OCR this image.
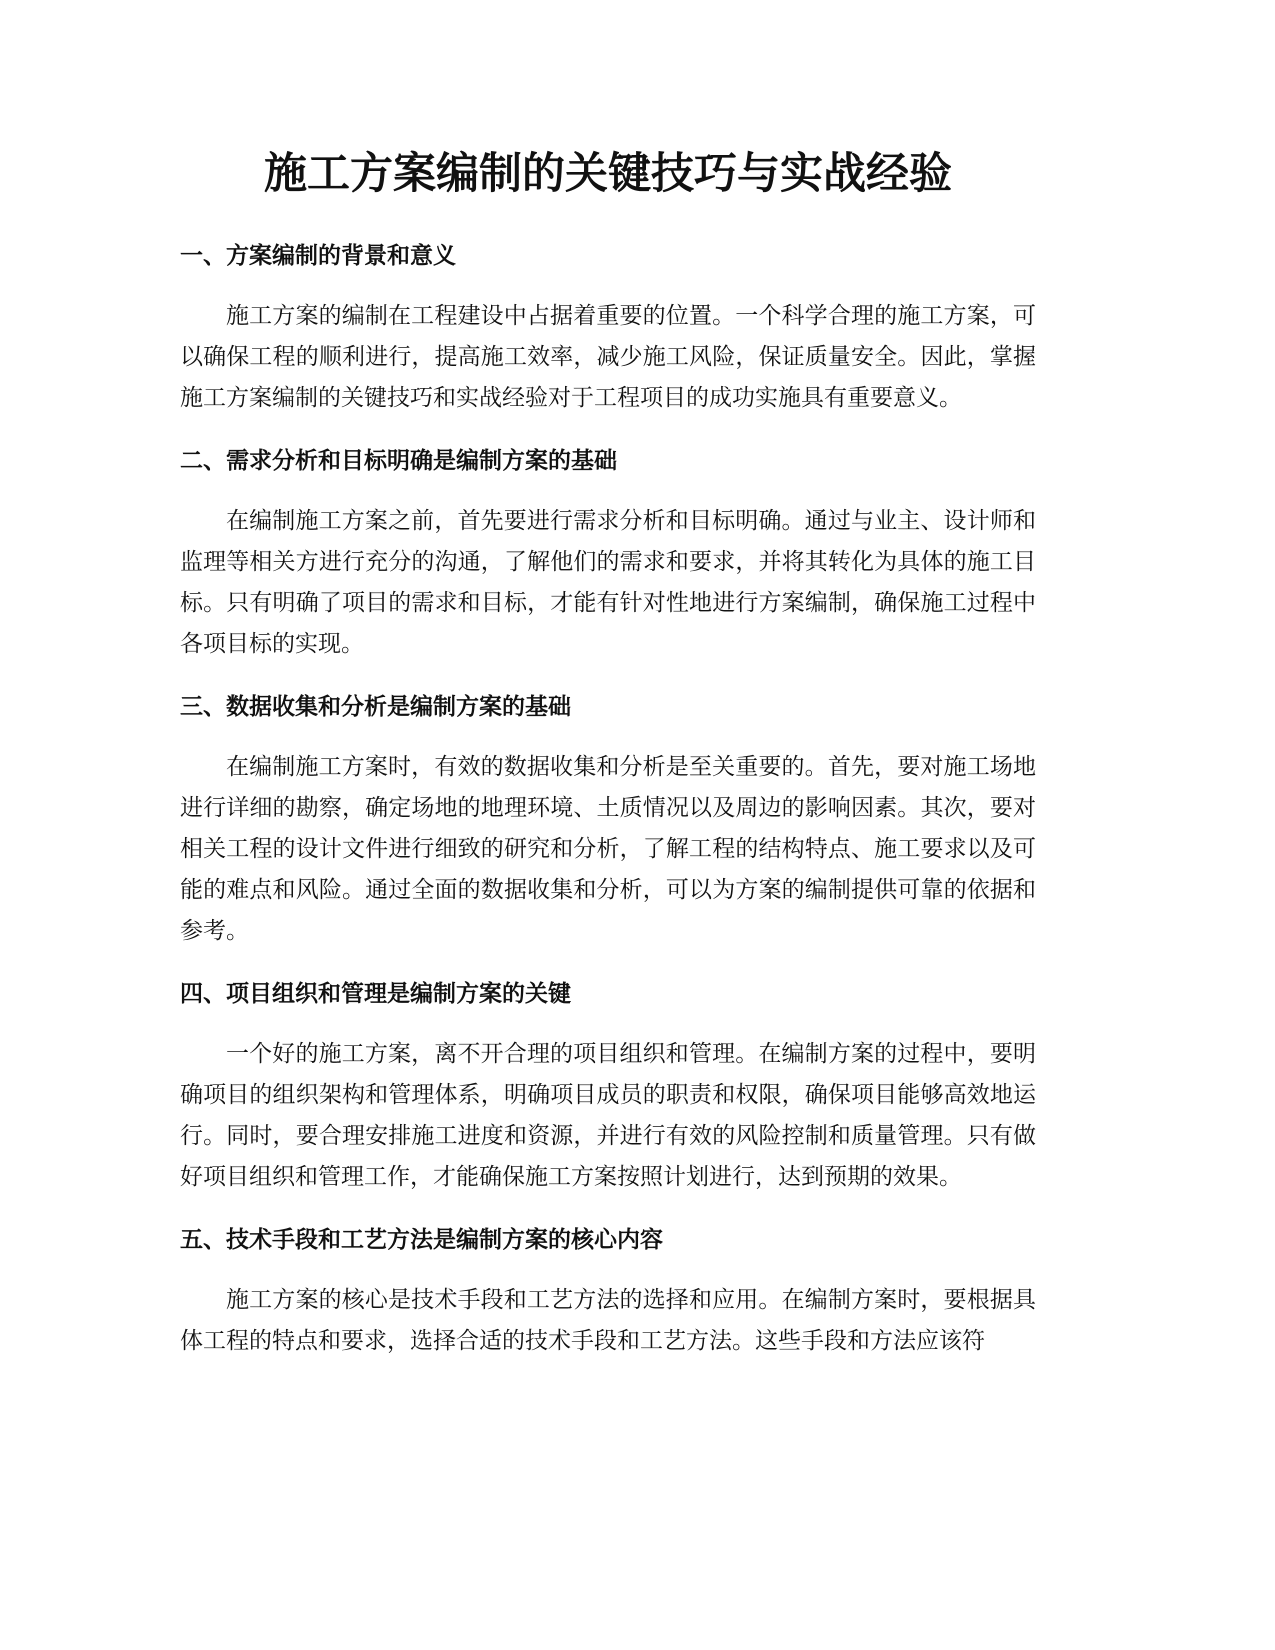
施工方案编制的关键技巧与实战经验
一、方案编制的背景和意义

施工方案的编制在工程建设中占据着重要的位置。一个科学合理的施工方案，可以确保工程的顺利进行，提高施工效率，减少施工风险，保证质量安全。因此，掌握施工方案编制的关键技巧和实战经验对于工程项目的成功实施具有重要意义。

二、需求分析和目标明确是编制方案的基础

在编制施工方案之前，首先要进行需求分析和目标明确。通过与业主、设计师和监理等相关方进行充分的沟通，了解他们的需求和要求，并将其转化为具体的施工目标。只有明确了项目的需求和目标，才能有针对性地进行方案编制，确保施工过程中各项目标的实现。

三、数据收集和分析是编制方案的基础

在编制施工方案时，有效的数据收集和分析是至关重要的。首先，要对施工场地进行详细的勘察，确定场地的地理环境、土质情况以及周边的影响因素。其次，要对相关工程的设计文件进行细致的研究和分析，了解工程的结构特点、施工要求以及可能的难点和风险。通过全面的数据收集和分析，可以为方案的编制提供可靠的依据和参考。

四、项目组织和管理是编制方案的关键

一个好的施工方案，离不开合理的项目组织和管理。在编制方案的过程中，要明确项目的组织架构和管理体系，明确项目成员的职责和权限，确保项目能够高效地运行。同时，要合理安排施工进度和资源，并进行有效的风险控制和质量管理。只有做好项目组织和管理工作，才能确保施工方案按照计划进行，达到预期的效果。

五、技术手段和工艺方法是编制方案的核心内容

施工方案的核心是技术手段和工艺方法的选择和应用。在编制方案时，要根据具体工程的特点和要求，选择合适的技术手段和工艺方法。这些手段和方法应该符
